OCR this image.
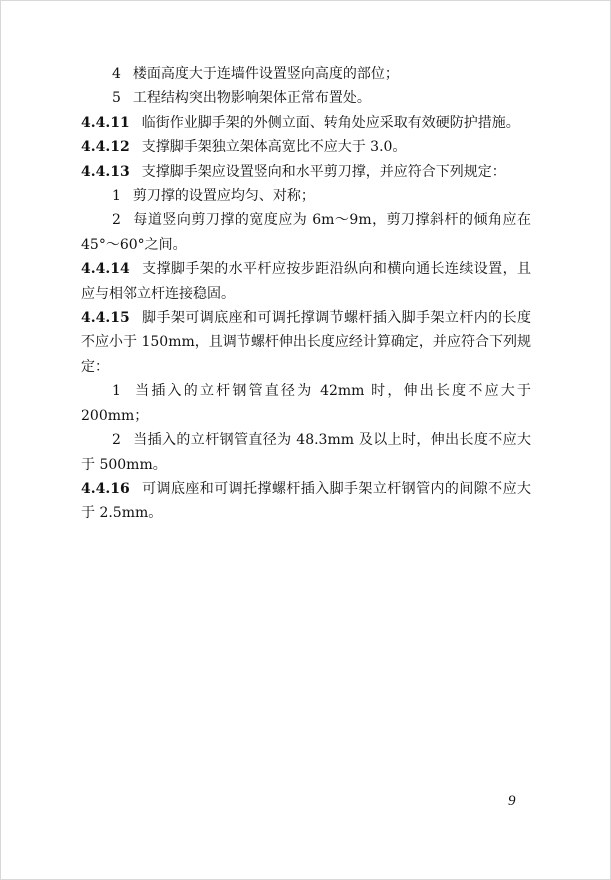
4 楼面高度大于连墙件设置竖向高度的部位；

5 工程结构突出物影响架体正常布置处。

4.4.11 临街作业脚手架的外侧立面、转角处应采取有效硬防护措施。

4.4.12 支撑脚手架独立架体高宽比不应大于 3.0。

4.4.13 支撑脚手架应设置竖向和水平剪刀撑，并应符合下列规定：

1 剪刀撑的设置应均匀、对称；

2 每道竖向剪刀撑的宽度应为 6m～9m，剪刀撑斜杆的倾角应在 45°～60°之间。

4.4.14 支撑脚手架的水平杆应按步距沿纵向和横向通长连续设置，且应与相邻立杆连接稳固。

4.4.15 脚手架可调底座和可调托撑调节螺杆插入脚手架立杆内的长度不应小于 150mm，且调节螺杆伸出长度应经计算确定，并应符合下列规定：

1 当插入的立杆钢管直径为 42mm 时，伸出长度不应大于 200mm；

2 当插入的立杆钢管直径为 48.3mm 及以上时，伸出长度不应大于 500mm。

4.4.16 可调底座和可调托撑螺杆插入脚手架立杆钢管内的间隙不应大于 2.5mm。

9
